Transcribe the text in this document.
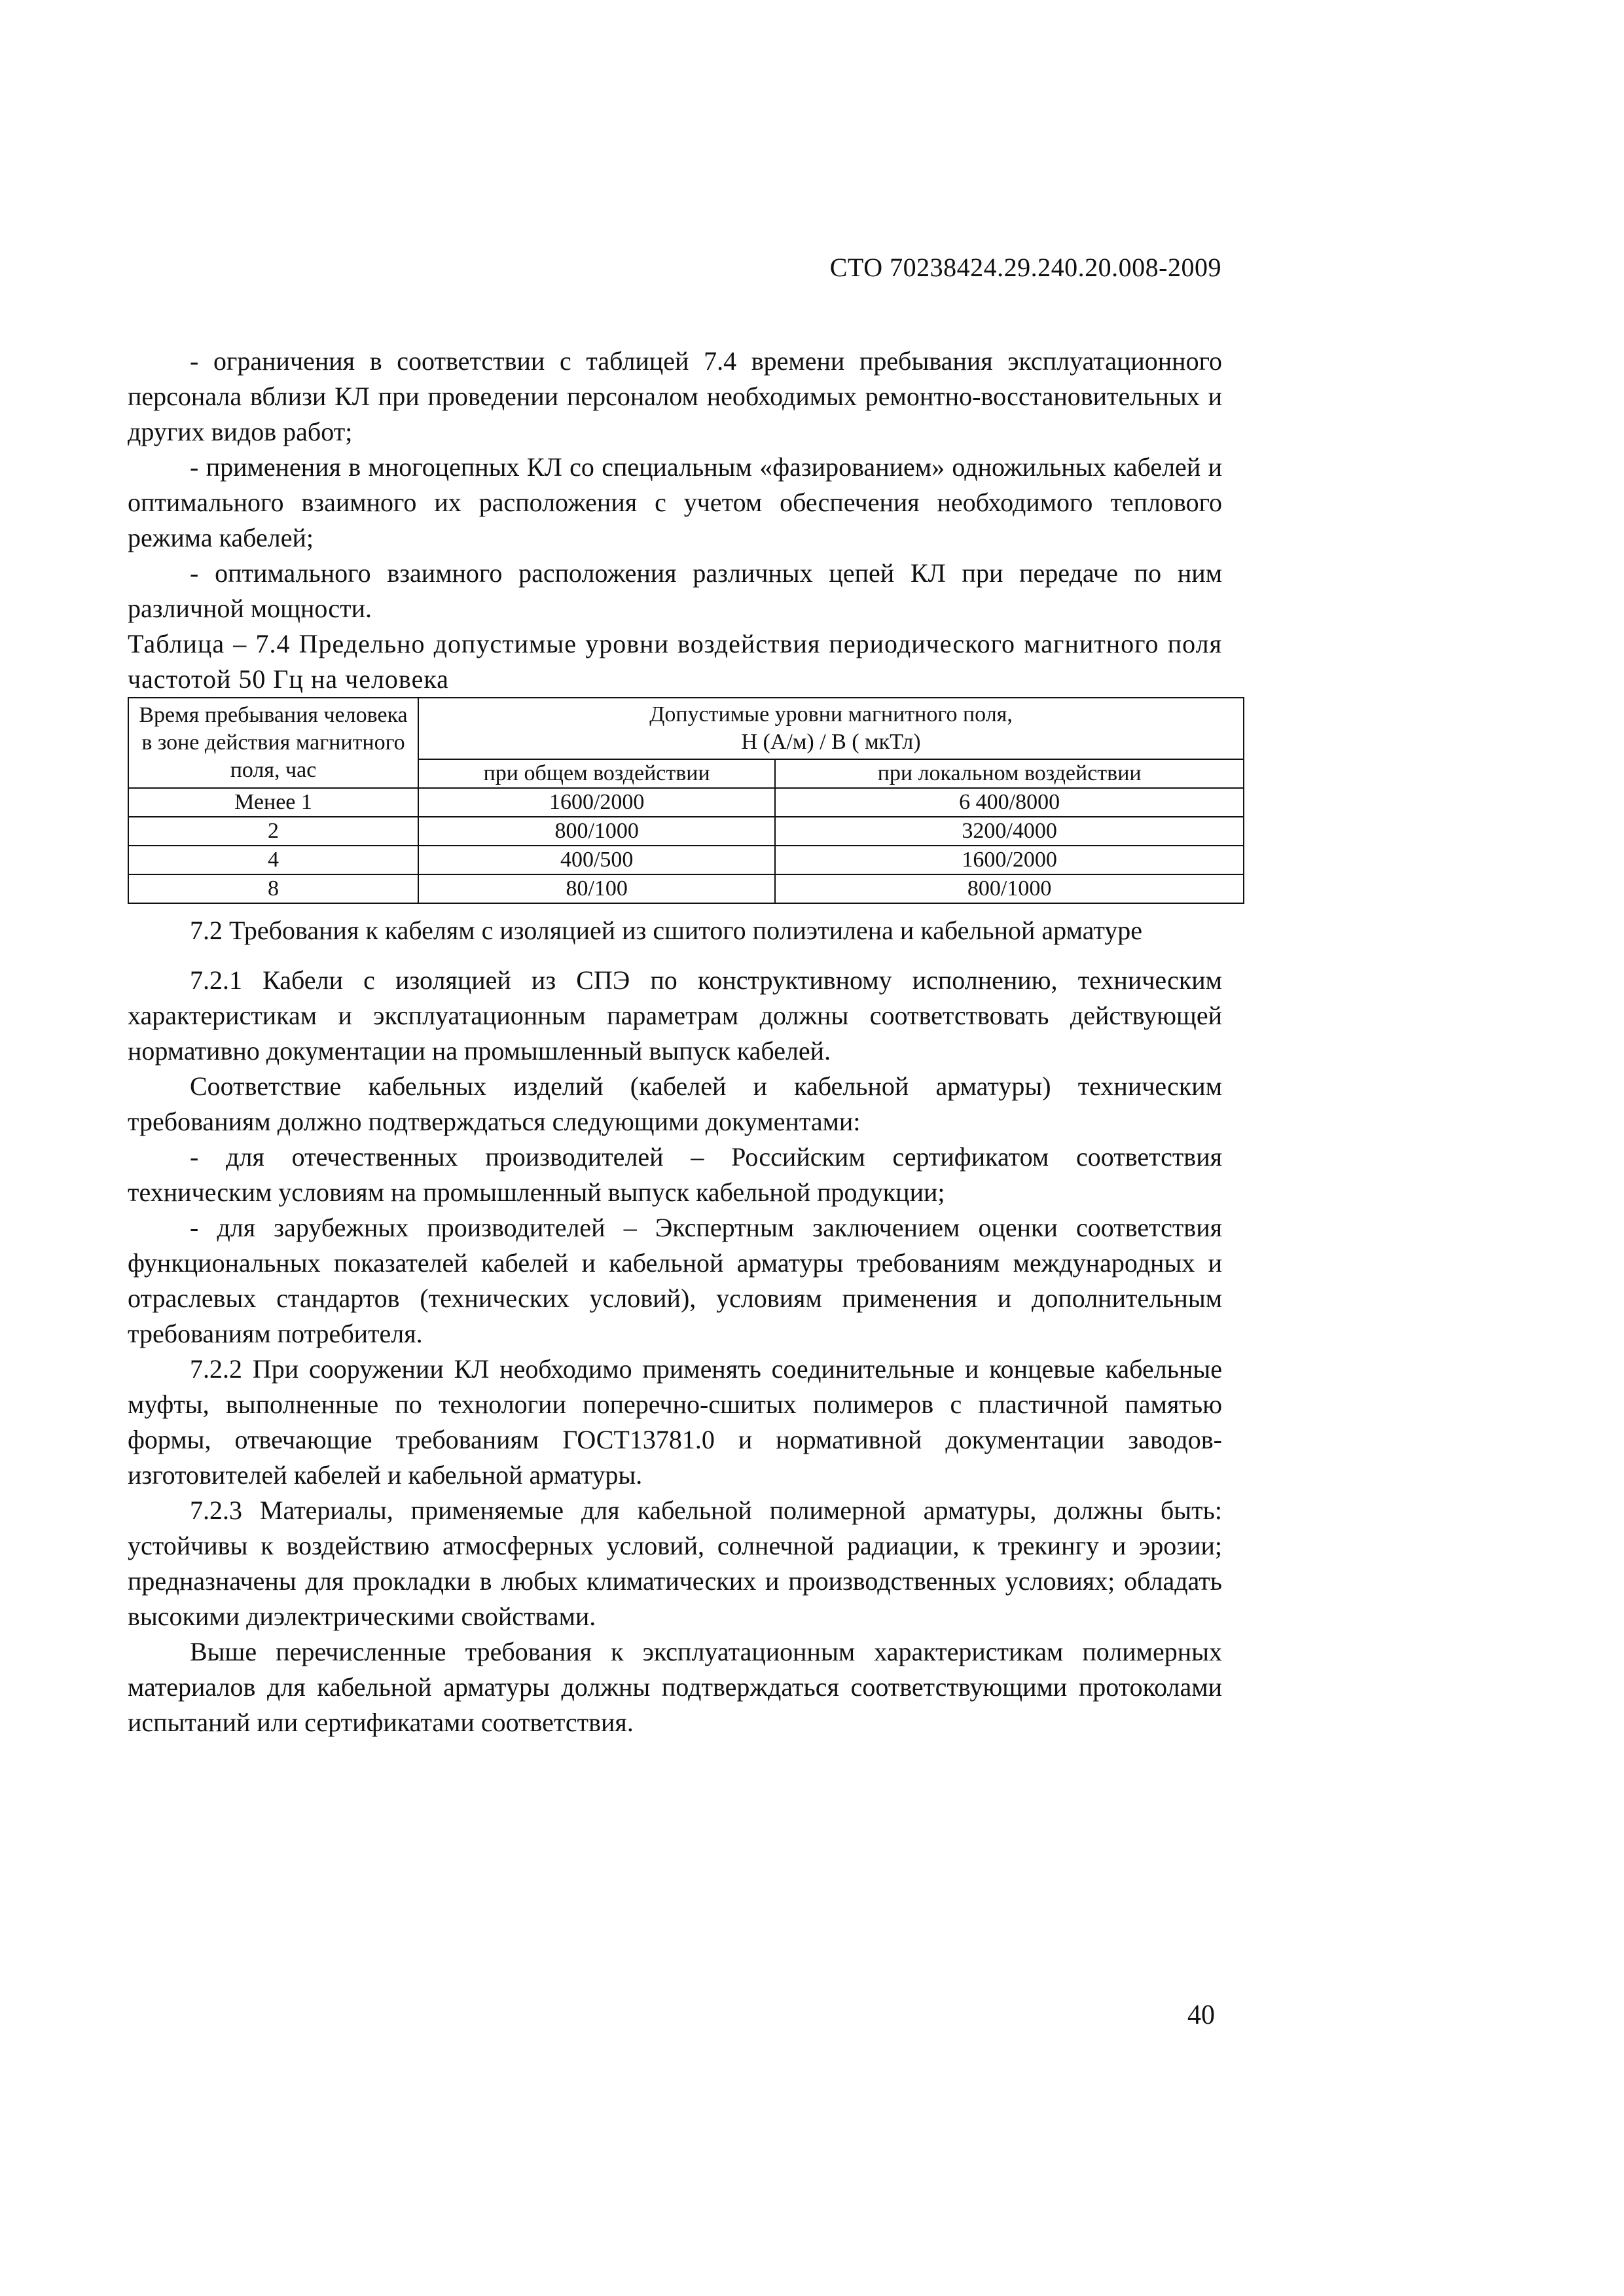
СТО 70238424.29.240.20.008-2009

- ограничения в соответствии с таблицей 7.4 времени пребывания эксплуатационного персонала вблизи КЛ при проведении персоналом необходимых ремонтно-восстановительных и других видов работ;

- применения в многоцепных КЛ со специальным «фазированием» одножильных кабелей и оптимального взаимного их расположения с учетом обеспечения необходимого теплового режима кабелей;

- оптимального взаимного расположения различных цепей КЛ при передаче по ним различной мощности.

Таблица – 7.4 Предельно допустимые уровни воздействия периодического магнитного поля частотой 50 Гц на человека

Время пребывания человека в зоне действия магнитного поля, час	Допустимые уровни магнитного поля,
Н (А/м) / В ( мкТл)	

	при общем воздействии	при локальном воздействии
Менее 1	1600/2000	6 400/8000
2	800/1000	3200/4000
4	400/500	1600/2000
8	80/100	800/1000

7.2 Требования к кабелям с изоляцией из сшитого полиэтилена и кабельной арматуре

7.2.1 Кабели с изоляцией из СПЭ по конструктивному исполнению, техническим характеристикам и эксплуатационным параметрам должны соответствовать действующей нормативно документации на промышленный выпуск кабелей.

Соответствие кабельных изделий (кабелей и кабельной арматуры) техническим требованиям должно подтверждаться следующими документами:

- для отечественных производителей – Российским сертификатом соответствия техническим условиям на промышленный выпуск кабельной продукции;

- для зарубежных производителей – Экспертным заключением оценки соответствия функциональных показателей кабелей и кабельной арматуры требованиям международных и отраслевых стандартов (технических условий), условиям применения и дополнительным требованиям потребителя.

7.2.2 При сооружении КЛ необходимо применять соединительные и концевые кабельные муфты, выполненные по технологии поперечно-сшитых полимеров с пластичной памятью формы, отвечающие требованиям ГОСТ13781.0 и нормативной документации заводов-изготовителей кабелей и кабельной арматуры.

7.2.3 Материалы, применяемые для кабельной полимерной арматуры, должны быть: устойчивы к воздействию атмосферных условий, солнечной радиации, к трекингу и эрозии; предназначены для прокладки в любых климатических и производственных условиях; обладать высокими диэлектрическими свойствами.

Выше перечисленные требования к эксплуатационным характеристикам полимерных материалов для кабельной арматуры должны подтверждаться соответствующими протоколами испытаний или сертификатами соответствия.

40
